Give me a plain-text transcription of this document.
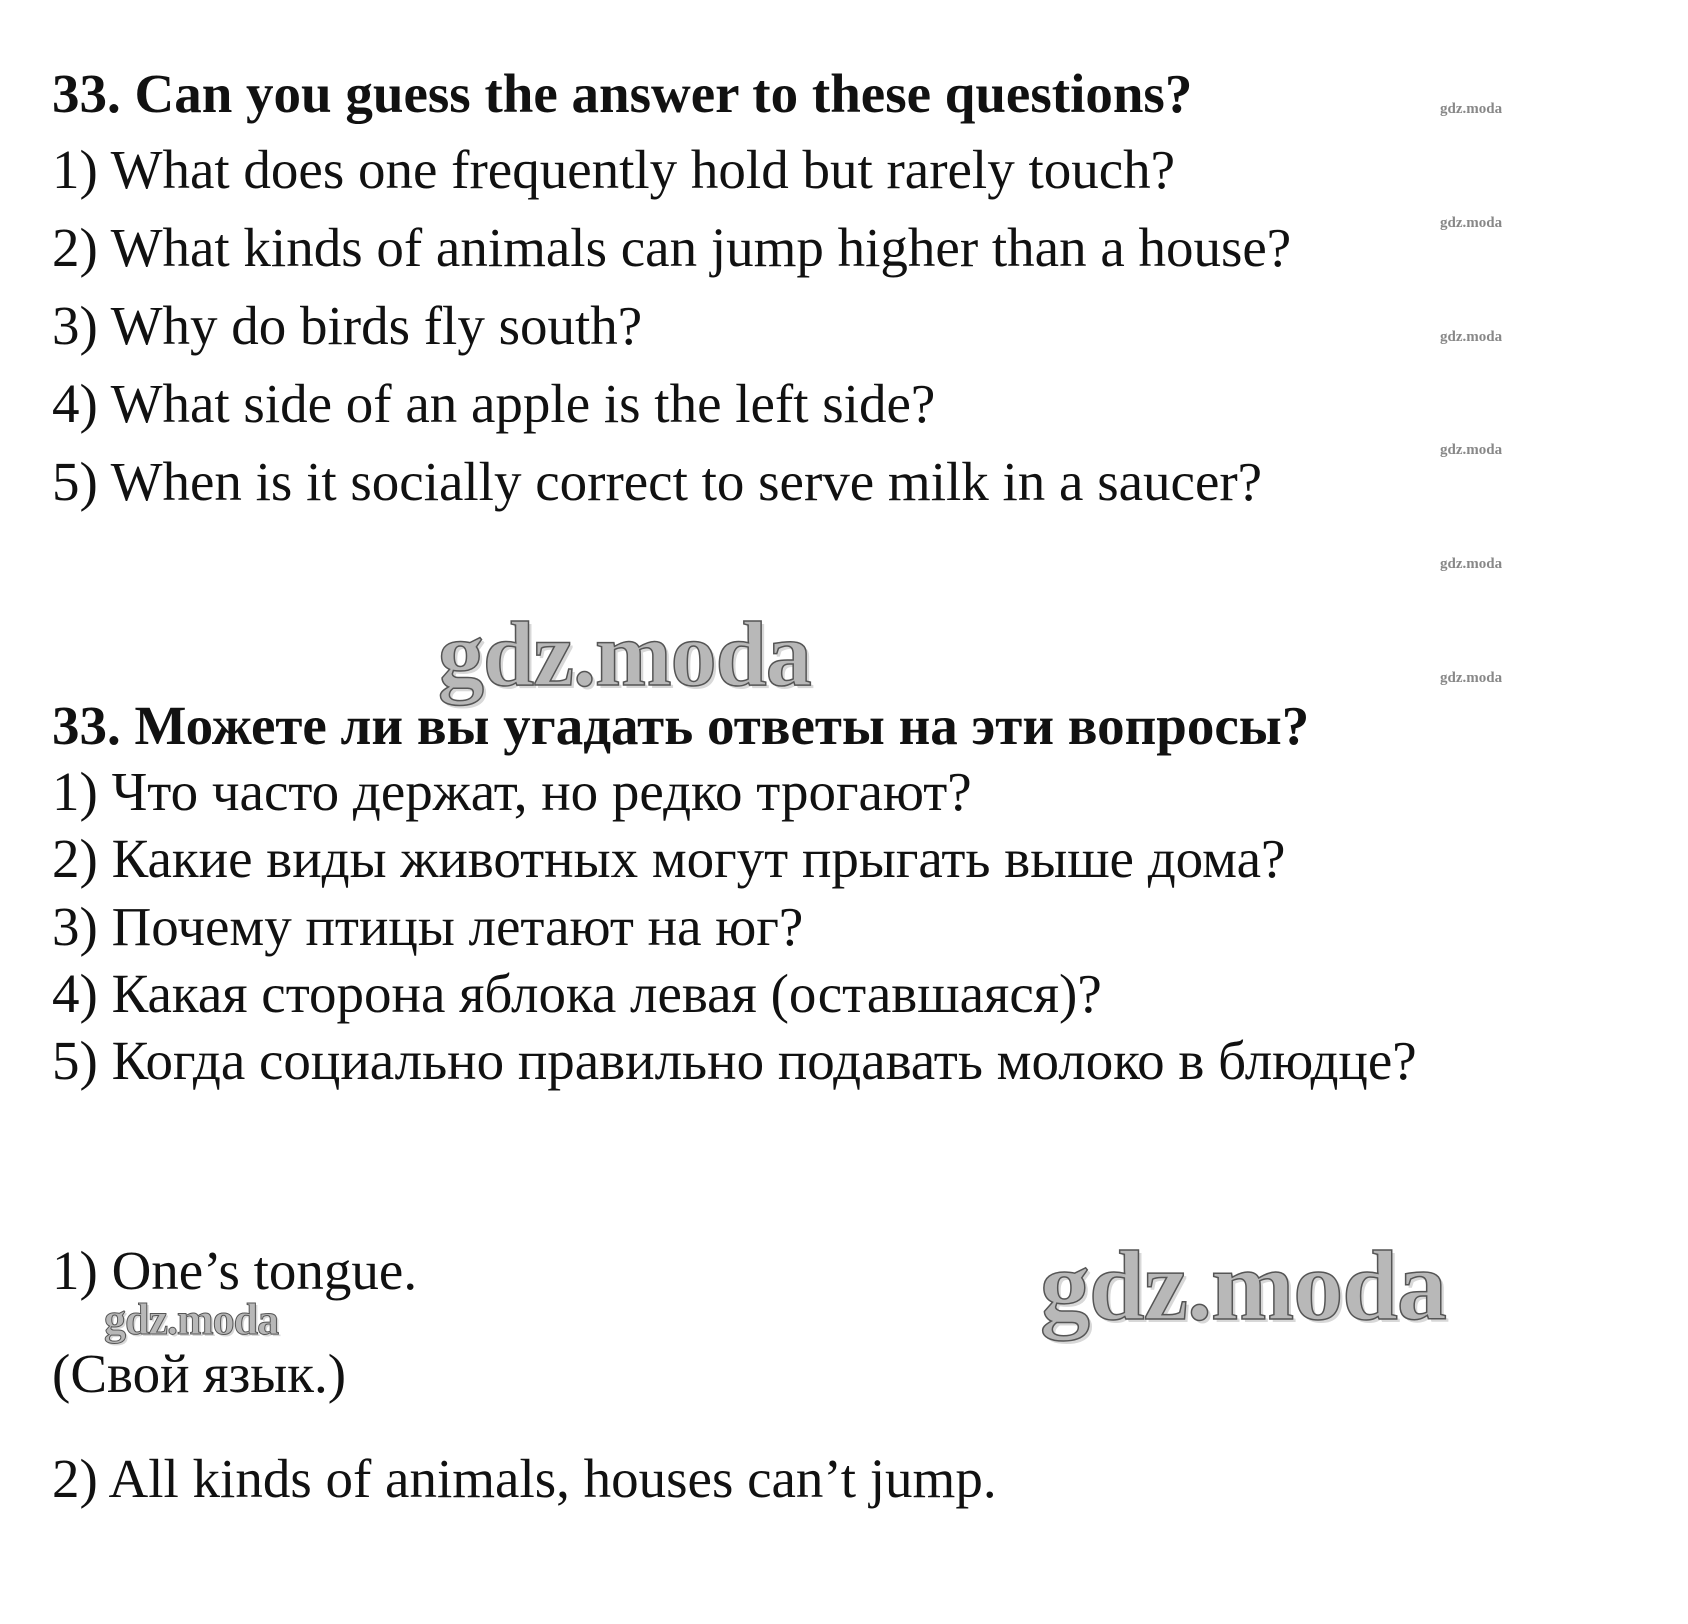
gdz.moda
gdz.moda
gdz.moda
gdz.moda
gdz.moda
gdz.moda
33. Can you guess the answer to these questions?
1) What does one frequently hold but rarely touch?
2) What kinds of animals can jump higher than a house?
3) Why do birds fly south?
4) What side of an apple is the left side?
5) When is it socially correct to serve milk in a saucer?
gdz.moda
33. Можете ли вы угадать ответы на эти вопросы?
1) Что часто держат, но редко трогают?
2) Какие виды животных могут прыгать выше дома?
3) Почему птицы летают на юг?
4) Какая сторона яблока левая (оставшаяся)?
5) Когда социально правильно подавать молоко в блюдце?
1) One’s tongue.
gdz.moda
(Свой язык.)
2) All kinds of animals, houses can’t jump.
gdz.moda
